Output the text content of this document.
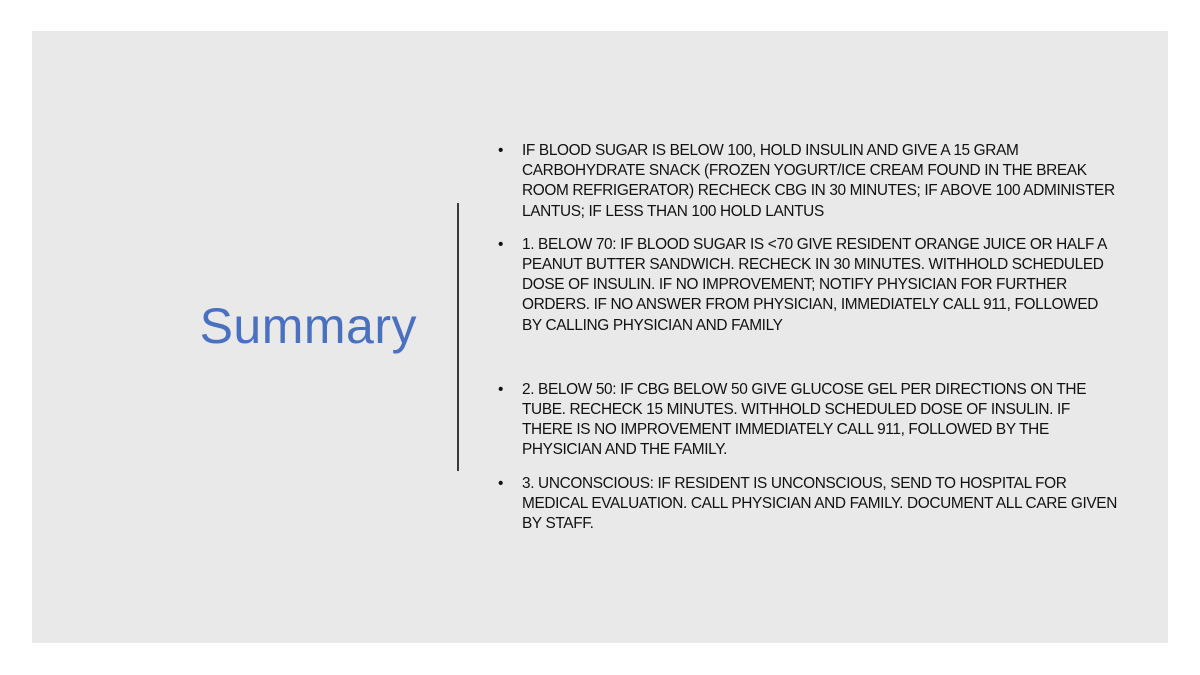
Summary
• IF BLOOD SUGAR IS BELOW 100, HOLD INSULIN AND GIVE A 15 GRAM CARBOHYDRATE SNACK (FROZEN YOGURT/ICE CREAM FOUND IN THE BREAK ROOM REFRIGERATOR) RECHECK CBG IN 30 MINUTES; IF ABOVE 100 ADMINISTER LANTUS; IF LESS THAN 100 HOLD LANTUS
• 1. BELOW 70: IF BLOOD SUGAR IS <70 GIVE RESIDENT ORANGE JUICE OR HALF A PEANUT BUTTER SANDWICH. RECHECK IN 30 MINUTES. WITHHOLD SCHEDULED DOSE OF INSULIN. IF NO IMPROVEMENT; NOTIFY PHYSICIAN FOR FURTHER ORDERS. IF NO ANSWER FROM PHYSICIAN, IMMEDIATELY CALL 911, FOLLOWED BY CALLING PHYSICIAN AND FAMILY
• 2. BELOW 50: IF CBG BELOW 50 GIVE GLUCOSE GEL PER DIRECTIONS ON THE TUBE. RECHECK 15 MINUTES. WITHHOLD SCHEDULED DOSE OF INSULIN. IF THERE IS NO IMPROVEMENT IMMEDIATELY CALL 911, FOLLOWED BY THE PHYSICIAN AND THE FAMILY.
• 3. UNCONSCIOUS: IF RESIDENT IS UNCONSCIOUS, SEND TO HOSPITAL FOR MEDICAL EVALUATION. CALL PHYSICIAN AND FAMILY. DOCUMENT ALL CARE GIVEN BY STAFF.
